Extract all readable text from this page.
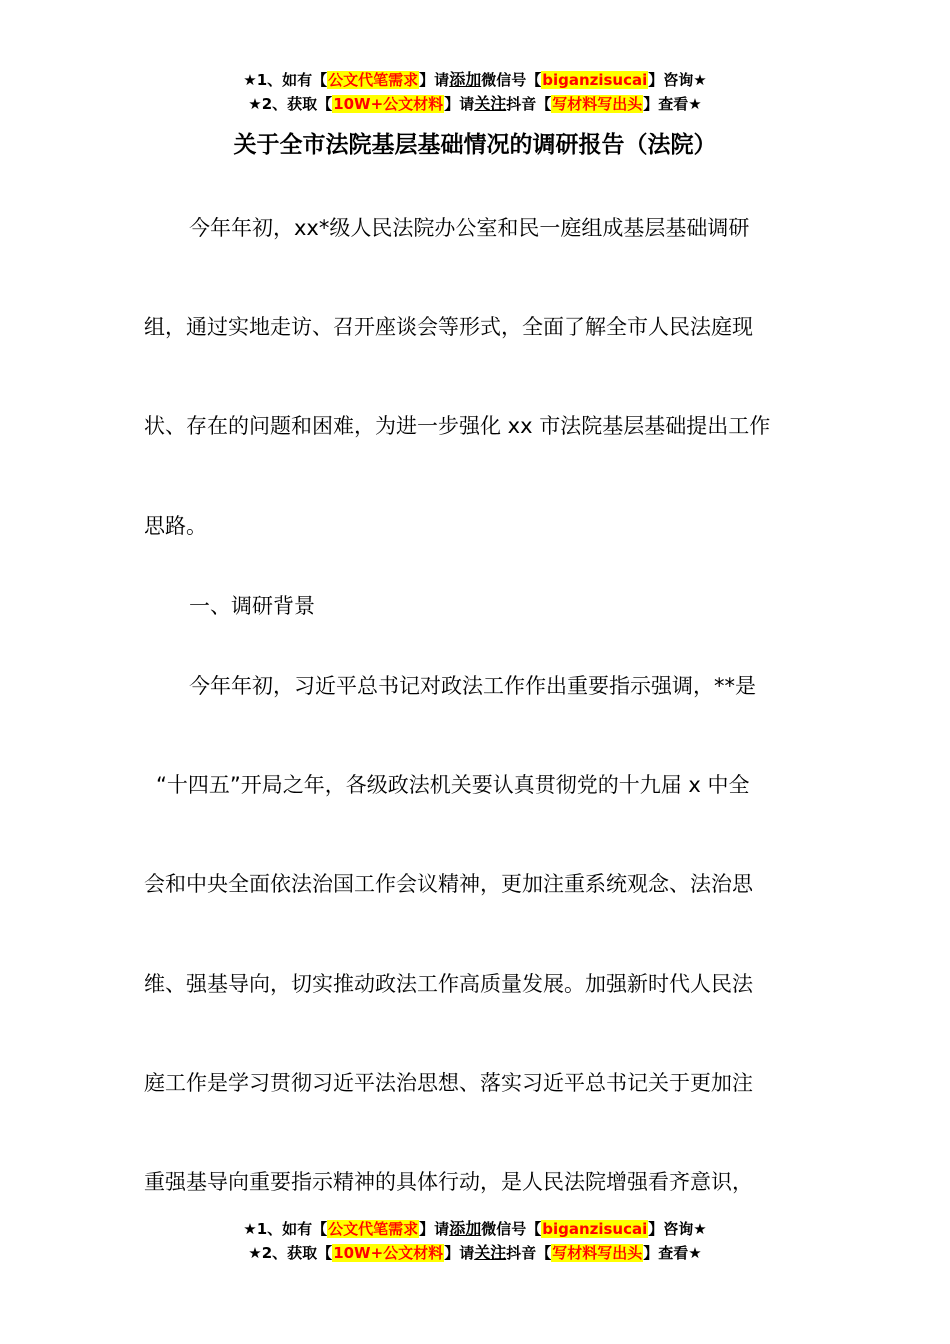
★1、如有【公文代笔需求】请添加微信号【biganzisucai】咨询★
★2、获取【10W+公文材料】请关注抖音【写材料写出头】查看★
关于全市法院基层基础情况的调研报告（法院）
今年年初，xx*级人民法院办公室和民一庭组成基层基础调研
组，通过实地走访、召开座谈会等形式，全面了解全市人民法庭现
状、存在的问题和困难，为进一步强化 xx 市法院基层基础提出工作
思路。
一、调研背景
今年年初，习近平总书记对政法工作作出重要指示强调，**是
“十四五”开局之年，各级政法机关要认真贯彻党的十九届 x 中全
会和中央全面依法治国工作会议精神，更加注重系统观念、法治思
维、强基导向，切实推动政法工作高质量发展。加强新时代人民法
庭工作是学习贯彻习近平法治思想、落实习近平总书记关于更加注
重强基导向重要指示精神的具体行动，是人民法院增强看齐意识，
★1、如有【公文代笔需求】请添加微信号【biganzisucai】咨询★
★2、获取【10W+公文材料】请关注抖音【写材料写出头】查看★
